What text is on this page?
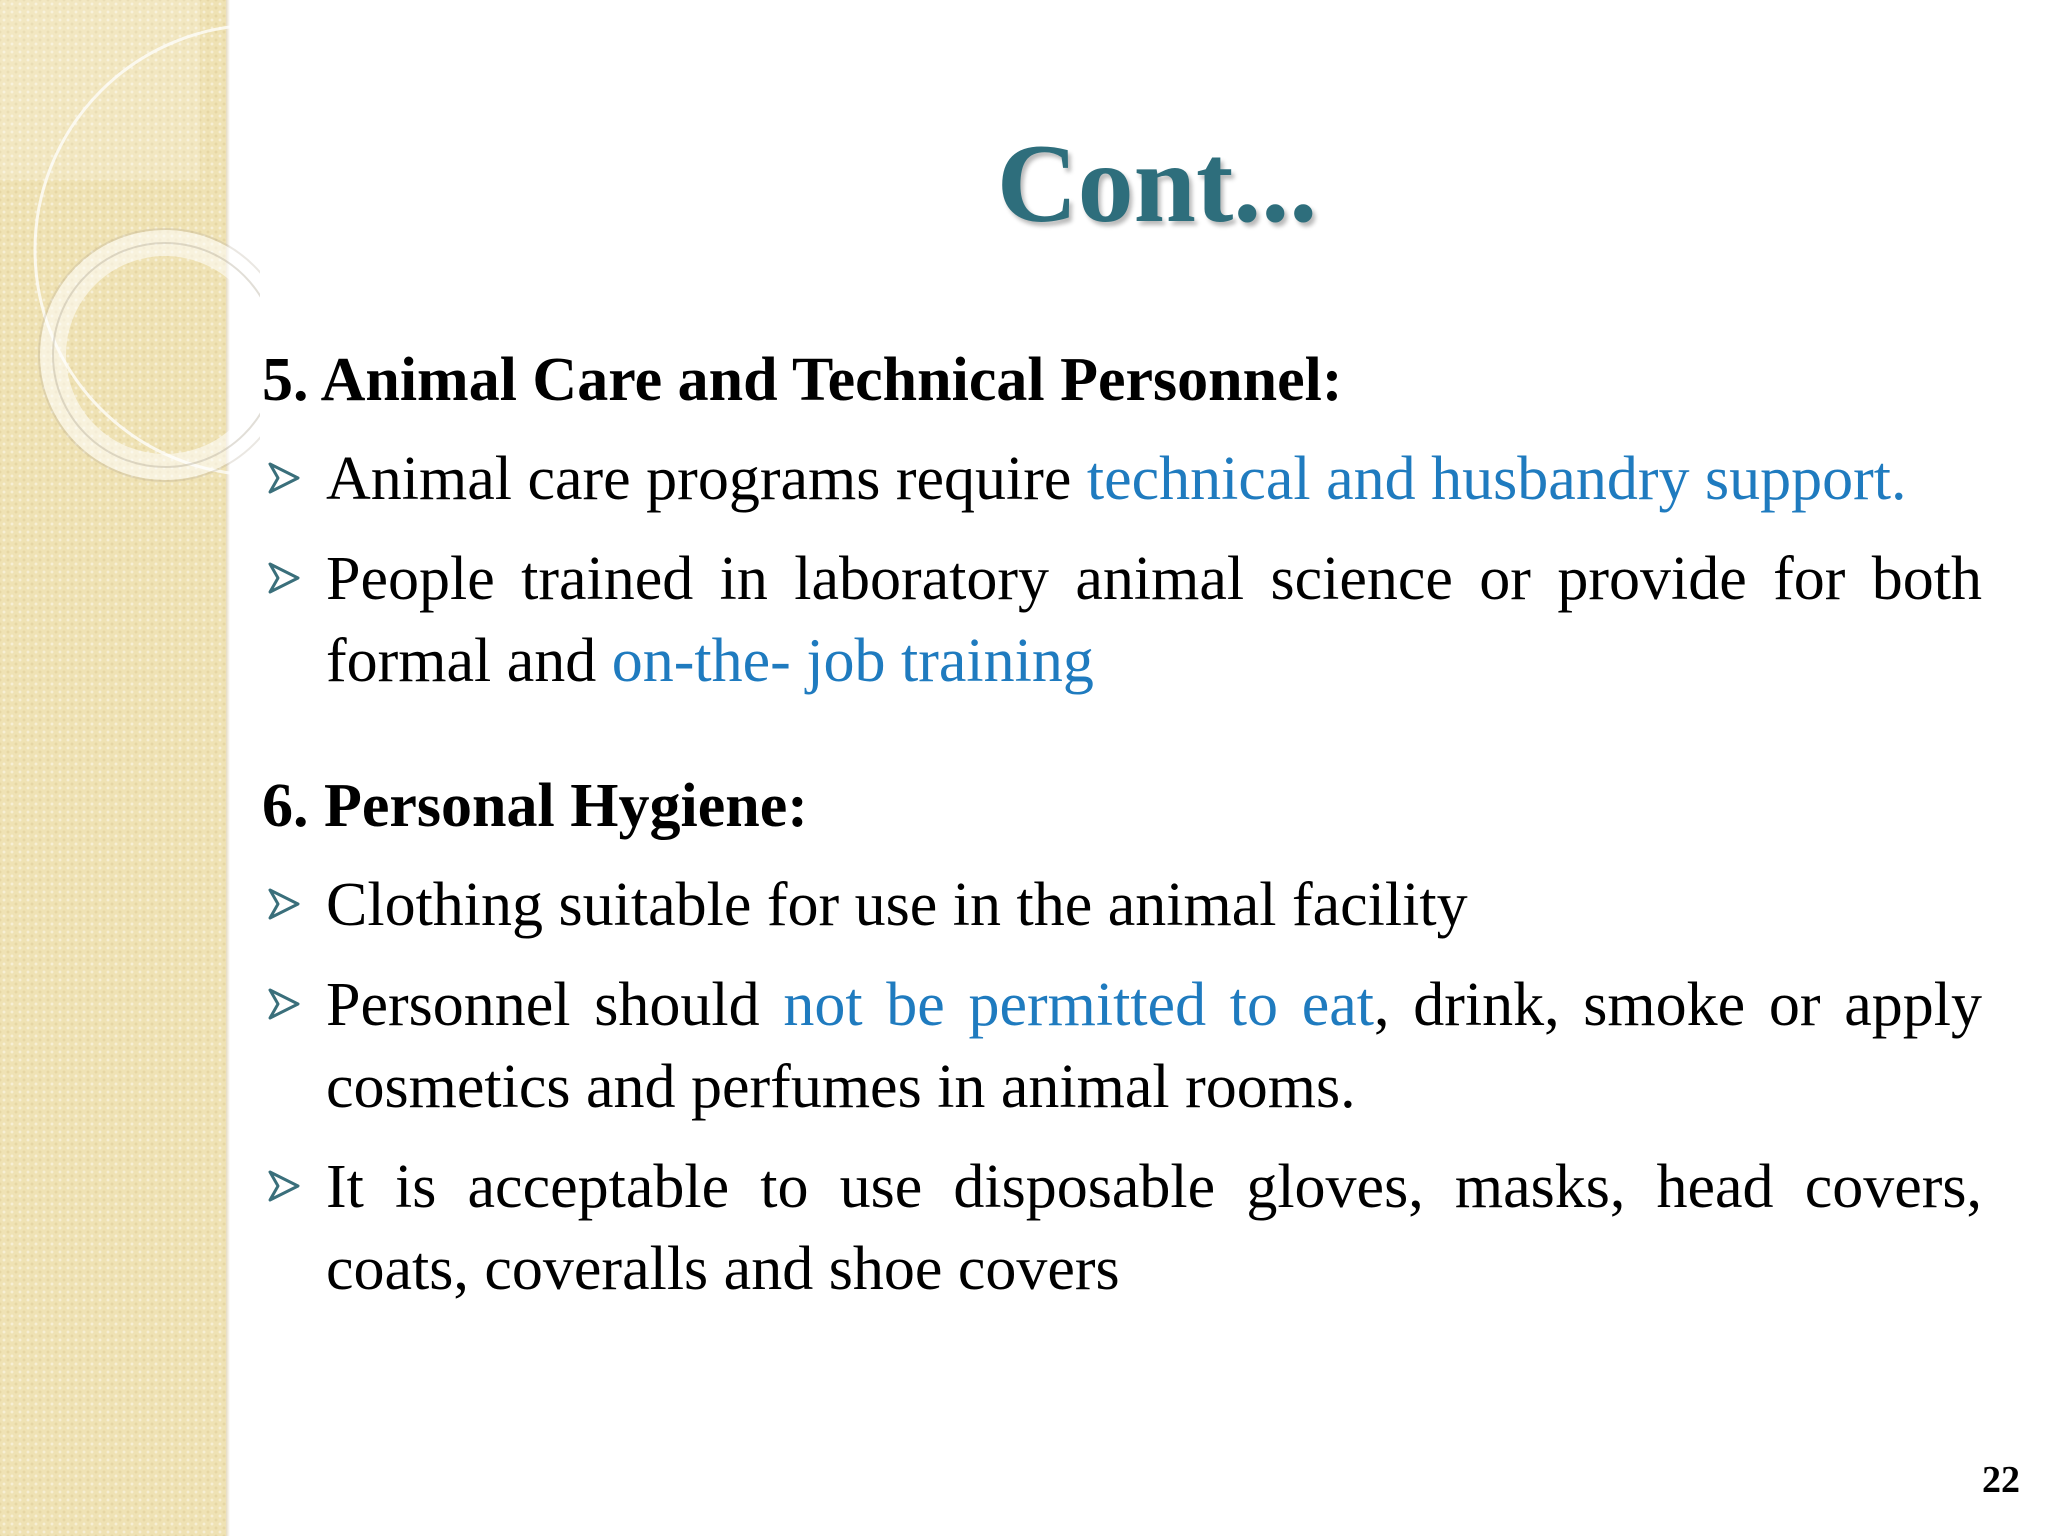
Cont...

5. Animal Care and Technical Personnel:

Animal care programs require technical and husbandry support.
People trained in laboratory animal science or provide for both formal and on-the- job training

6. Personal Hygiene:

Clothing suitable for use in the animal facility
Personnel should not be permitted to eat, drink, smoke or apply cosmetics and perfumes in animal rooms.
It is acceptable to use disposable gloves, masks, head covers, coats, coveralls and shoe covers
22
